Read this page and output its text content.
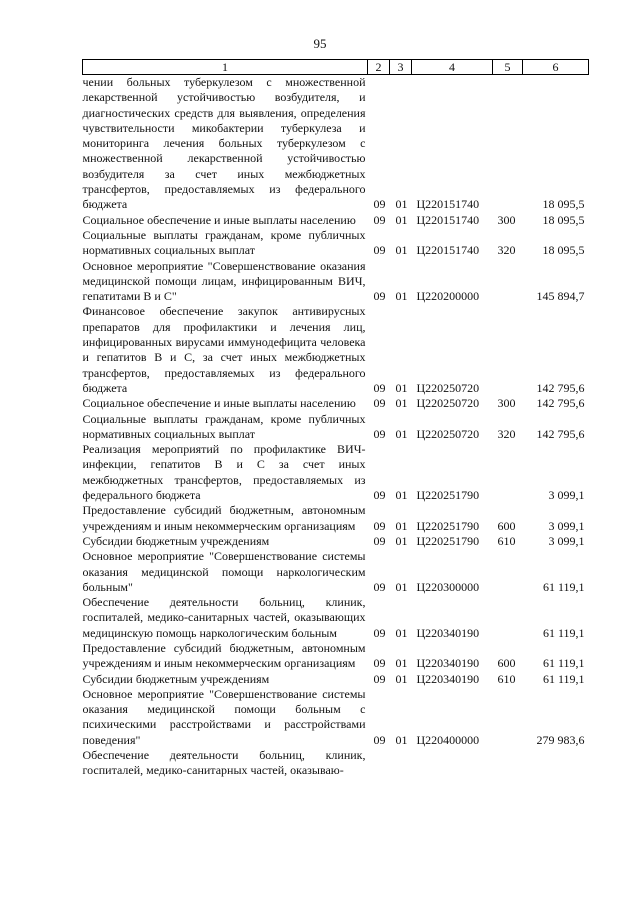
95
1	2	3	4	5	6
чении больных туберкулезом с множественной лекарственной устойчивостью возбудителя, и диагностических средств для выявления, определения чувствительности микобактерии туберкулеза и мониторинга лечения больных туберкулезом с множественной лекарственной устойчивостью возбудителя за счет иных межбюджетных трансфертов, предоставляемых из федерального бюджета	09	01	Ц220151740		18 095,5
Социальное обеспечение и иные выплаты населению	09	01	Ц220151740	300	18 095,5
Социальные выплаты гражданам, кроме публичных нормативных социальных выплат	09	01	Ц220151740	320	18 095,5
Основное мероприятие "Совершенствование оказания медицинской помощи лицам, инфицированным ВИЧ, гепатитами В и С"	09	01	Ц220200000		145 894,7
Финансовое обеспечение закупок антивирусных препаратов для профилактики и лечения лиц, инфицированных вирусами иммунодефицита человека и гепатитов В и С, за счет иных межбюджетных трансфертов, предоставляемых из федерального бюджета	09	01	Ц220250720		142 795,6
Социальное обеспечение и иные выплаты населению	09	01	Ц220250720	300	142 795,6
Социальные выплаты гражданам, кроме публичных нормативных социальных выплат	09	01	Ц220250720	320	142 795,6
Реализация мероприятий по профилактике ВИЧ-инфекции, гепатитов В и С за счет иных межбюджетных трансфертов, предоставляемых из федерального бюджета	09	01	Ц220251790		3 099,1
Предоставление субсидий бюджетным, автономным учреждениям и иным некоммерческим организациям	09	01	Ц220251790	600	3 099,1
Субсидии бюджетным учреждениям	09	01	Ц220251790	610	3 099,1
Основное мероприятие "Совершенствование системы оказания медицинской помощи наркологическим больным"	09	01	Ц220300000		61 119,1
Обеспечение деятельности больниц, клиник, госпиталей, медико-санитарных частей, оказывающих медицинскую помощь наркологическим больным	09	01	Ц220340190		61 119,1
Предоставление субсидий бюджетным, автономным учреждениям и иным некоммерческим организациям	09	01	Ц220340190	600	61 119,1
Субсидии бюджетным учреждениям	09	01	Ц220340190	610	61 119,1
Основное мероприятие "Совершенствование системы оказания медицинской помощи больным с психическими расстройствами и расстройствами поведения"	09	01	Ц220400000		279 983,6
Обеспечение деятельности больниц, клиник, госпиталей, медико-санитарных частей, оказываю-					
